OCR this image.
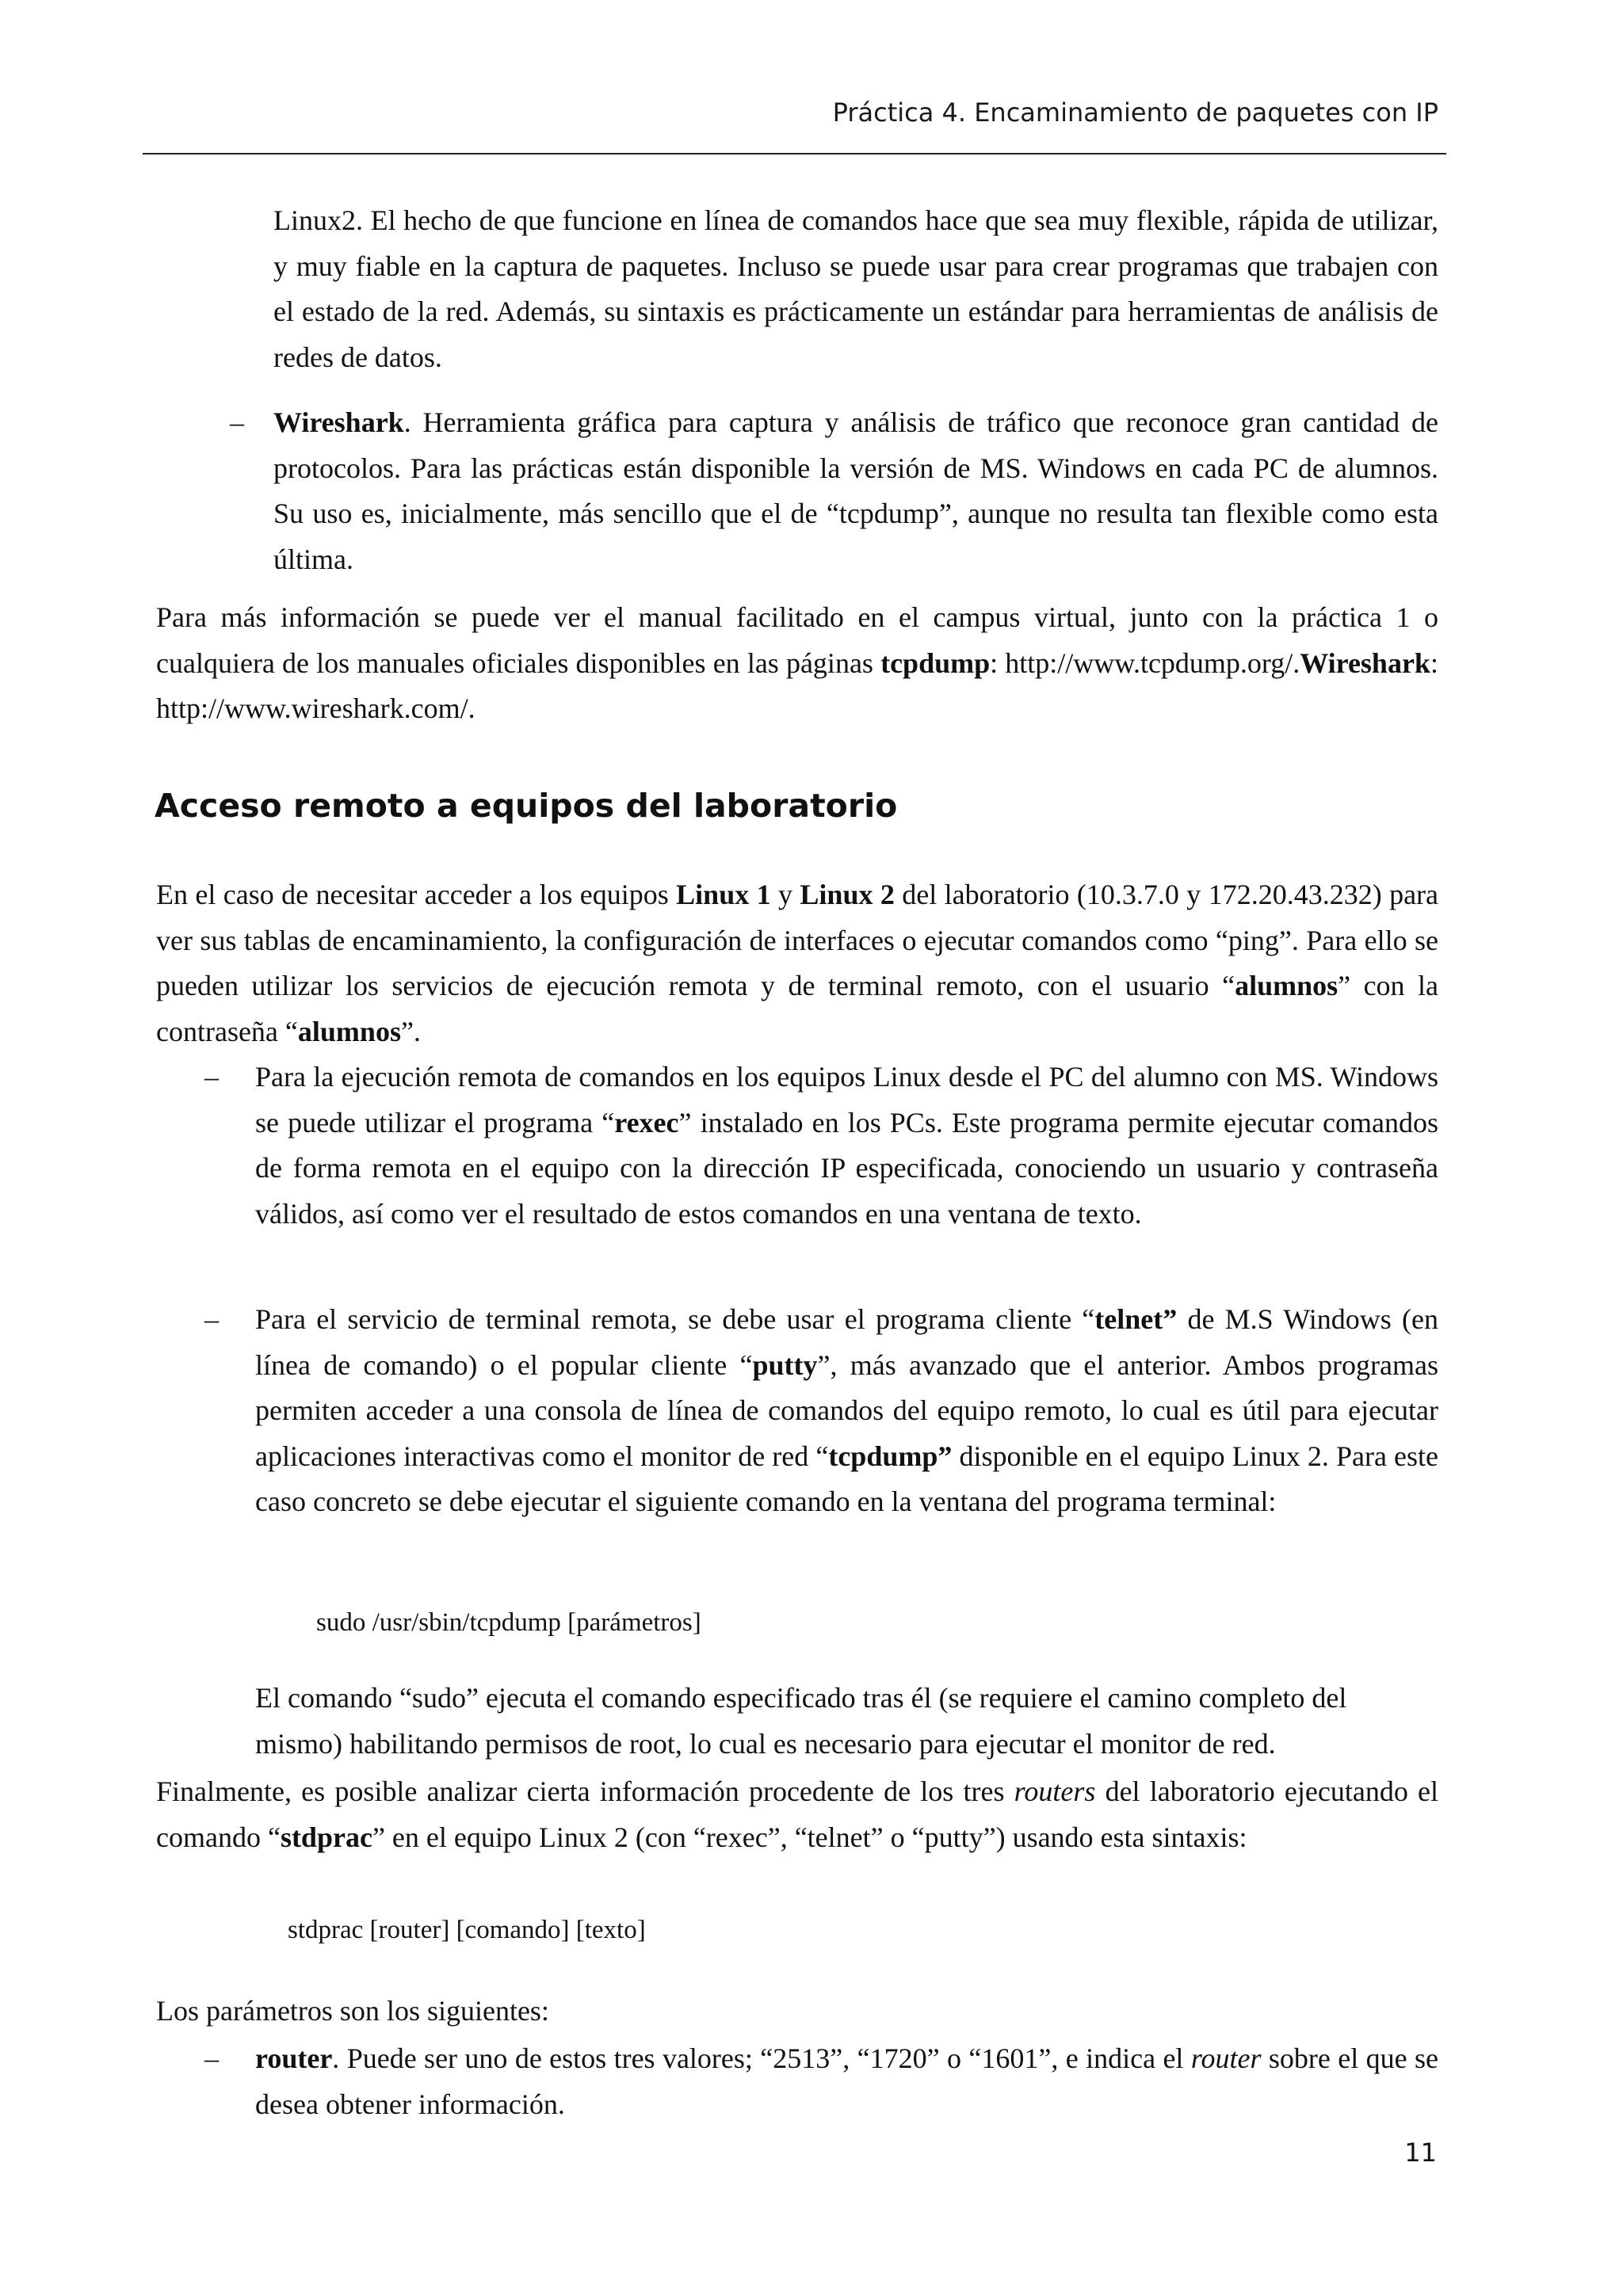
Práctica 4. Encaminamiento de paquetes con IP

Linux2. El hecho de que funcione en línea de comandos hace que sea muy flexible, rápida de utilizar, y muy fiable en la captura de paquetes. Incluso se puede usar para crear programas que trabajen con el estado de la red. Además, su sintaxis es prácticamente un estándar para herramientas de análisis de redes de datos.

– Wireshark. Herramienta gráfica para captura y análisis de tráfico que reconoce gran cantidad de protocolos. Para las prácticas están disponible la versión de MS. Windows en cada PC de alumnos. Su uso es, inicialmente, más sencillo que el de “tcpdump”, aunque no resulta tan flexible como esta última.

Para más información se puede ver el manual facilitado en el campus virtual, junto con la práctica 1 o cualquiera de los manuales oficiales disponibles en las páginas tcpdump: http://www.tcpdump.org/.Wireshark: http://www.wireshark.com/.

Acceso remoto a equipos del laboratorio

En el caso de necesitar acceder a los equipos Linux 1 y Linux 2 del laboratorio (10.3.7.0 y 172.20.43.232) para ver sus tablas de encaminamiento, la configuración de interfaces o ejecutar comandos como “ping”. Para ello se pueden utilizar los servicios de ejecución remota y de terminal remoto, con el usuario “alumnos” con la contraseña “alumnos”.

– Para la ejecución remota de comandos en los equipos Linux desde el PC del alumno con MS. Windows se puede utilizar el programa “rexec” instalado en los PCs. Este programa permite ejecutar comandos de forma remota en el equipo con la dirección IP especificada, conociendo un usuario y contraseña válidos, así como ver el resultado de estos comandos en una ventana de texto.

– Para el servicio de terminal remota, se debe usar el programa cliente “telnet” de M.S Windows (en línea de comando) o el popular cliente “putty”, más avanzado que el anterior. Ambos programas permiten acceder a una consola de línea de comandos del equipo remoto, lo cual es útil para ejecutar aplicaciones interactivas como el monitor de red “tcpdump” disponible en el equipo Linux 2. Para este caso concreto se debe ejecutar el siguiente comando en la ventana del programa terminal:

sudo /usr/sbin/tcpdump [parámetros]

El comando “sudo” ejecuta el comando especificado tras él (se requiere el camino completo del mismo) habilitando permisos de root, lo cual es necesario para ejecutar el monitor de red.

Finalmente, es posible analizar cierta información procedente de los tres routers del laboratorio ejecutando el comando “stdprac” en el equipo Linux 2 (con “rexec”, “telnet” o “putty”) usando esta sintaxis:

stdprac [router] [comando] [texto]

Los parámetros son los siguientes:

– router. Puede ser uno de estos tres valores; “2513”, “1720” o “1601”, e indica el router sobre el que se desea obtener información.

11
